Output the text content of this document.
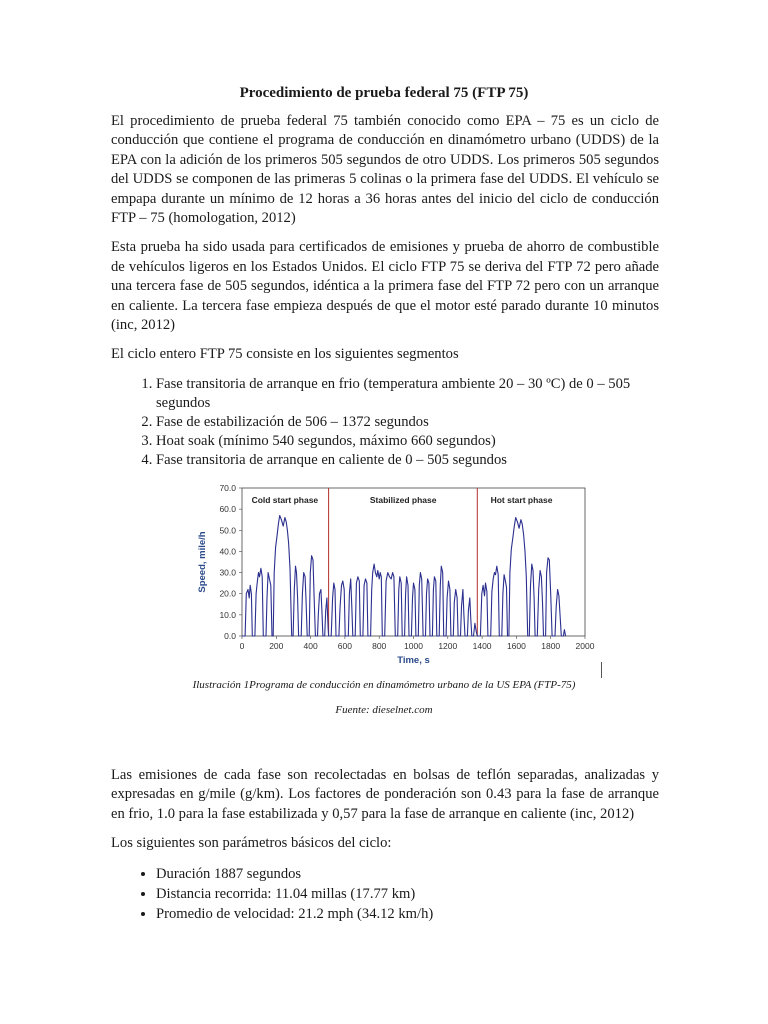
Procedimiento de prueba federal 75 (FTP 75)

El procedimiento de prueba federal 75 también conocido como EPA – 75 es un ciclo de conducción que contiene el programa de conducción en dinamómetro urbano (UDDS) de la EPA con la adición de los primeros 505 segundos de otro UDDS. Los primeros 505 segundos del UDDS se componen de las primeras 5 colinas o la primera fase del UDDS. El vehículo se empapa durante un mínimo de 12 horas a 36 horas antes del inicio del ciclo de conducción FTP – 75 (homologation, 2012)

Esta prueba ha sido usada para certificados de emisiones y prueba de ahorro de combustible de vehículos ligeros en los Estados Unidos. El ciclo FTP 75 se deriva del FTP 72 pero añade una tercera fase de 505 segundos, idéntica a la primera fase del FTP 72 pero con un arranque en caliente. La tercera fase empieza después de que el motor esté parado durante 10 minutos (inc, 2012)

El ciclo entero FTP 75 consiste en los siguientes segmentos

1. Fase transitoria de arranque en frio (temperatura ambiente 20 – 30 ºC) de 0 – 505 segundos
2. Fase de estabilización de 506 – 1372 segundos
3. Hoat soak (mínimo 540 segundos, máximo 660 segundos)
4. Fase transitoria de arranque en caliente de 0 – 505 segundos
0.0
10.0
20.0
30.0
40.0
50.0
60.0
70.0
0	200 400 600 800 1000 1200 1400 1600 1800 2000
Time, s
Speed, mile/h
Cold start phase	Stabilized phase	Hot start phase
Ilustración 1Programa de conducción en dinamómetro urbano de la US EPA (FTP-75)
Fuente: dieselnet.com

Las emisiones de cada fase son recolectadas en bolsas de teflón separadas, analizadas y expresadas en g/mile (g/km). Los factores de ponderación son 0.43 para la fase de arranque en frio, 1.0 para la fase estabilizada y 0,57 para la fase de arranque en caliente (inc, 2012)

Los siguientes son parámetros básicos del ciclo:

• Duración 1887 segundos
• Distancia recorrida: 11.04 millas (17.77 km)
• Promedio de velocidad: 21.2 mph (34.12 km/h)
